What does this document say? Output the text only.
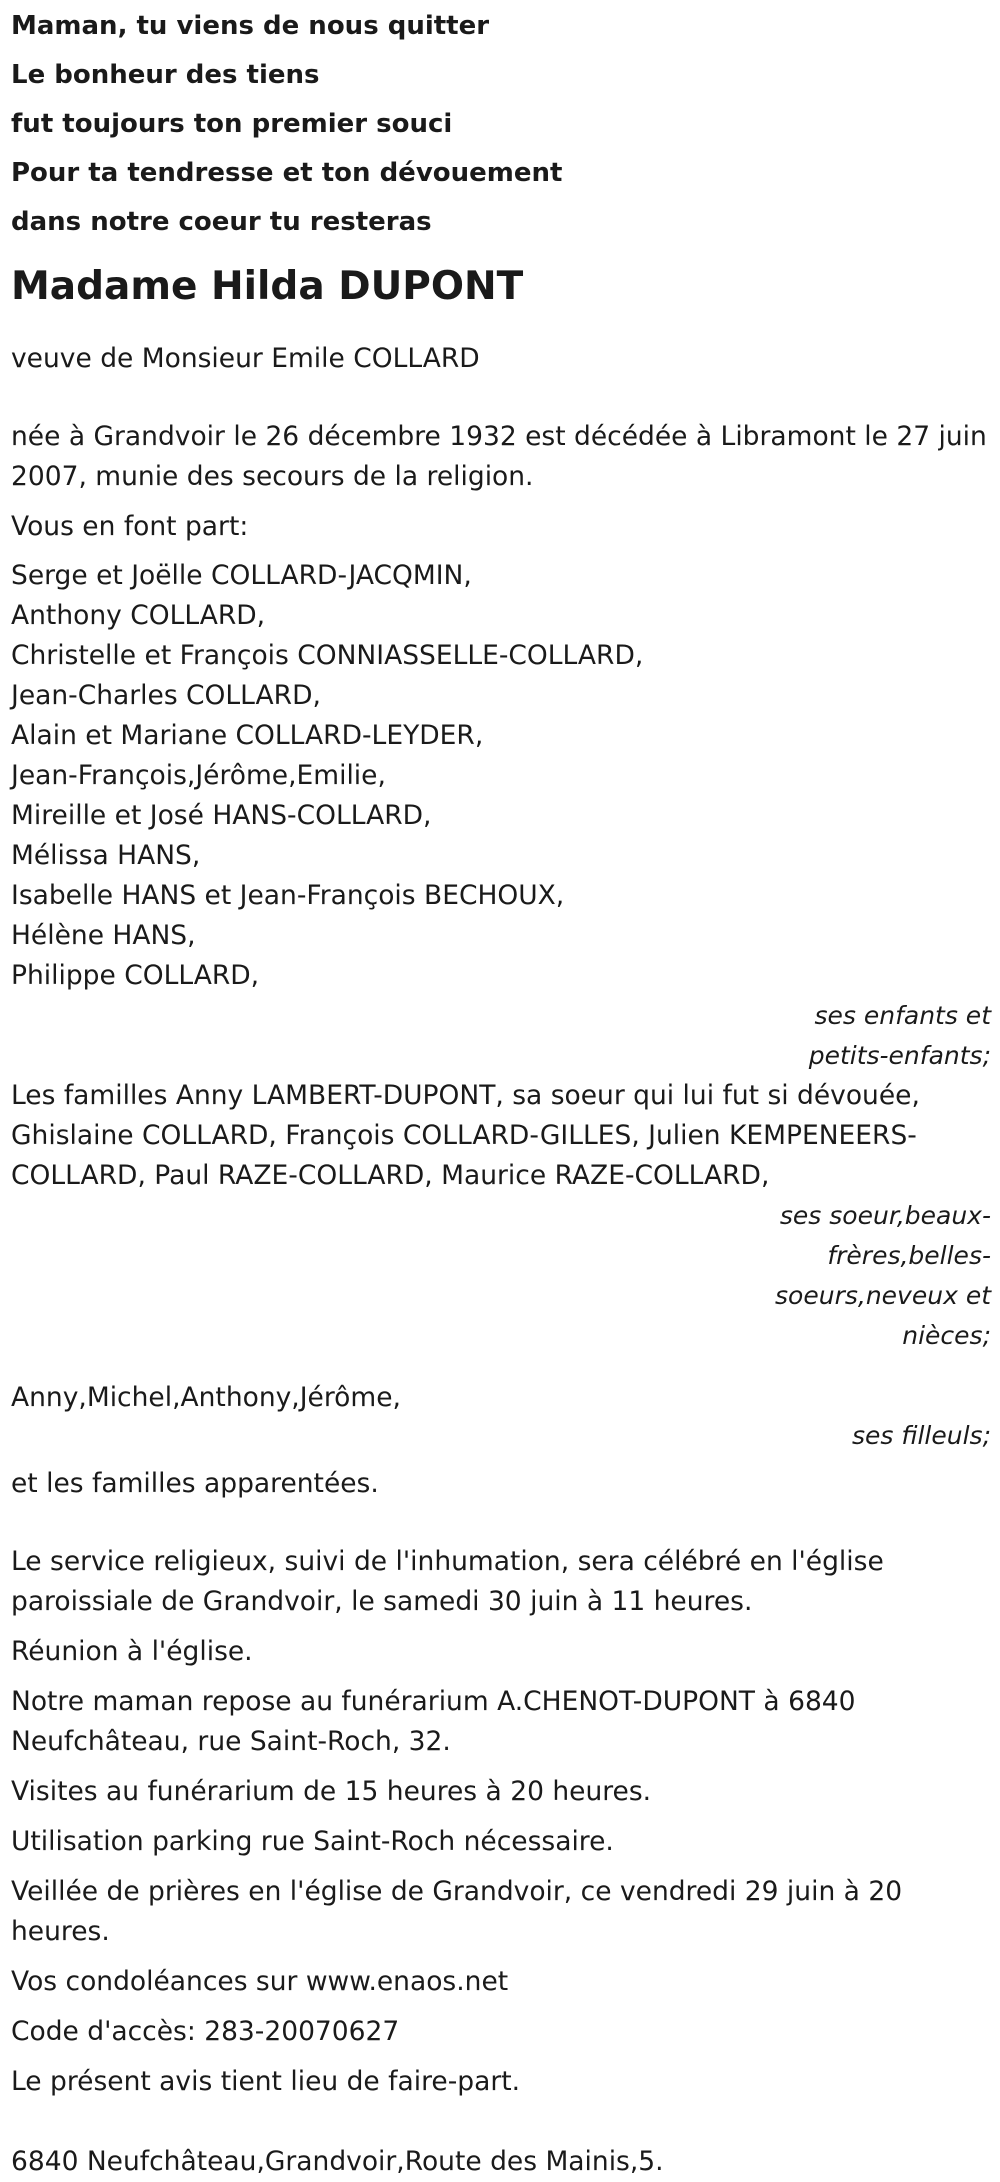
Maman, tu viens de nous quitter
Le bonheur des tiens
fut toujours ton premier souci
Pour ta tendresse et ton dévouement
dans notre coeur tu resteras
Madame Hilda DUPONT
veuve de Monsieur Emile COLLARD
née à Grandvoir le 26 décembre 1932 est décédée à Libramont le 27 juin
2007, munie des secours de la religion.
Vous en font part:
Serge et Joëlle COLLARD-JACQMIN,
Anthony COLLARD,
Christelle et François CONNIASSELLE-COLLARD,
Jean-Charles COLLARD,
Alain et Mariane COLLARD-LEYDER,
Jean-François,Jérôme,Emilie,
Mireille et José HANS-COLLARD,
Mélissa HANS,
Isabelle HANS et Jean-François BECHOUX,
Hélène HANS,
Philippe COLLARD,
ses enfants et
petits-enfants;
Les familles Anny LAMBERT-DUPONT, sa soeur qui lui fut si dévouée,
Ghislaine COLLARD, François COLLARD-GILLES, Julien KEMPENEERS-
COLLARD, Paul RAZE-COLLARD, Maurice RAZE-COLLARD,
ses soeur,beaux-
frères,belles-
soeurs,neveux et
nièces;
Anny,Michel,Anthony,Jérôme,
ses filleuls;
et les familles apparentées.
Le service religieux, suivi de l'inhumation, sera célébré en l'église
paroissiale de Grandvoir, le samedi 30 juin à 11 heures.
Réunion à l'église.
Notre maman repose au funérarium A.CHENOT-DUPONT à 6840
Neufchâteau, rue Saint-Roch, 32.
Visites au funérarium de 15 heures à 20 heures.
Utilisation parking rue Saint-Roch nécessaire.
Veillée de prières en l'église de Grandvoir, ce vendredi 29 juin à 20
heures.
Vos condoléances sur www.enaos.net
Code d'accès: 283-20070627
Le présent avis tient lieu de faire-part.
6840 Neufchâteau,Grandvoir,Route des Mainis,5.
